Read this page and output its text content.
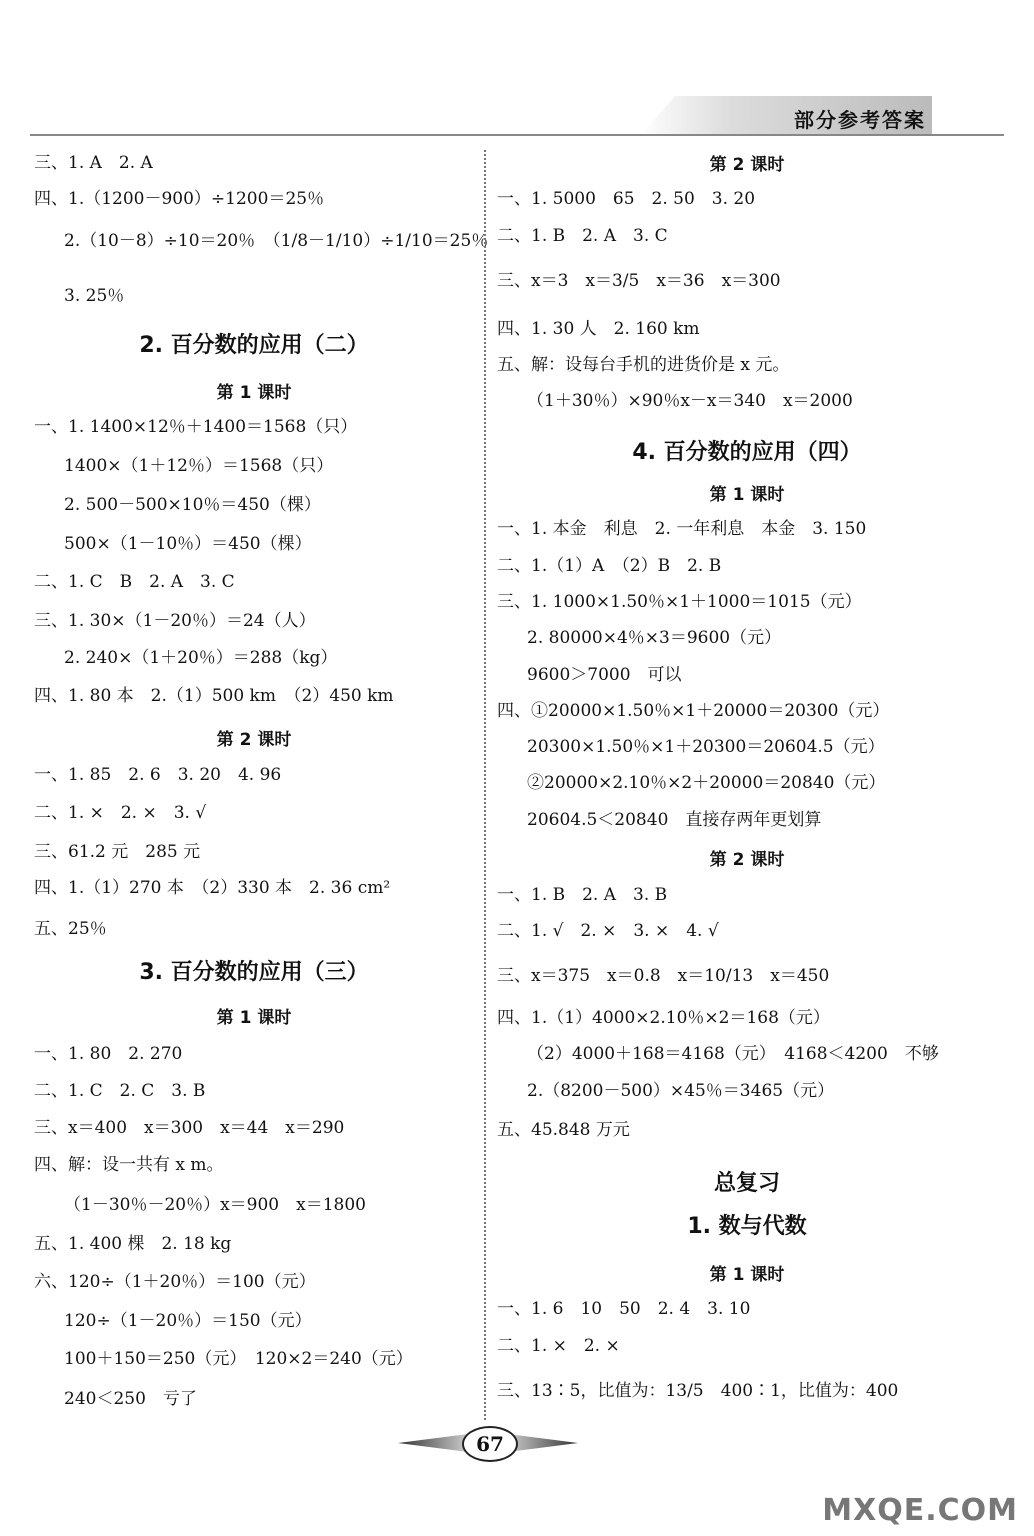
部分参考答案
三、1. A　2. A
四、1.（1200－900）÷1200＝25％
2.（10－8）÷10＝20％　（1/8－1/10）÷1/10＝25％
3. 25％
2. 百分数的应用（二）
第 1 课时
一、1. 1400×12％＋1400＝1568（只）
1400×（1＋12％）＝1568（只）
2. 500－500×10％＝450（棵）
500×（1－10％）＝450（棵）
二、1. C　B　2. A　3. C
三、1. 30×（1－20％）＝24（人）
2. 240×（1＋20％）＝288（kg）
四、1. 80 本　2.（1）500 km　（2）450 km
第 2 课时
一、1. 85　2. 6　3. 20　4. 96
二、1. ×　2. ×　3. √
三、61.2 元　285 元
四、1.（1）270 本　（2）330 本　2. 36 cm²
五、25％
3. 百分数的应用（三）
第 1 课时
一、1. 80　2. 270
二、1. C　2. C　3. B
三、x＝400　x＝300　x＝44　x＝290
四、解：设一共有 x m。
（1－30％－20％）x＝900　x＝1800
五、1. 400 棵　2. 18 kg
六、120÷（1＋20％）＝100（元）
120÷（1－20％）＝150（元）
100＋150＝250（元）　120×2＝240（元）
240＜250　亏了
第 2 课时
一、1. 5000　65　2. 50　3. 20
二、1. B　2. A　3. C
三、x＝3　x＝3/5　x＝36　x＝300
四、1. 30 人　2. 160 km
五、解：设每台手机的进货价是 x 元。
（1＋30％）×90％x－x＝340　x＝2000
4. 百分数的应用（四）
第 1 课时
一、1. 本金　利息　2. 一年利息　本金　3. 150
二、1.（1）A　（2）B　2. B
三、1. 1000×1.50％×1＋1000＝1015（元）
2. 80000×4％×3＝9600（元）
9600＞7000　可以
四、①20000×1.50％×1＋20000＝20300（元）
20300×1.50％×1＋20300＝20604.5（元）
②20000×2.10％×2＋20000＝20840（元）
20604.5＜20840　直接存两年更划算
第 2 课时
一、1. B　2. A　3. B
二、1. √　2. ×　3. ×　4. √
三、x＝375　x＝0.8　x＝10/13　x＝450
四、1.（1）4000×2.10％×2＝168（元）
（2）4000＋168＝4168（元）　4168＜4200　不够
2.（8200－500）×45％＝3465（元）
五、45.848 万元
总复习
1. 数与代数
第 1 课时
一、1. 6　10　50　2. 4　3. 10
二、1. ×　2. ×
三、13∶5，比值为：13/5　400∶1，比值为：400
67
MXQE.COM
